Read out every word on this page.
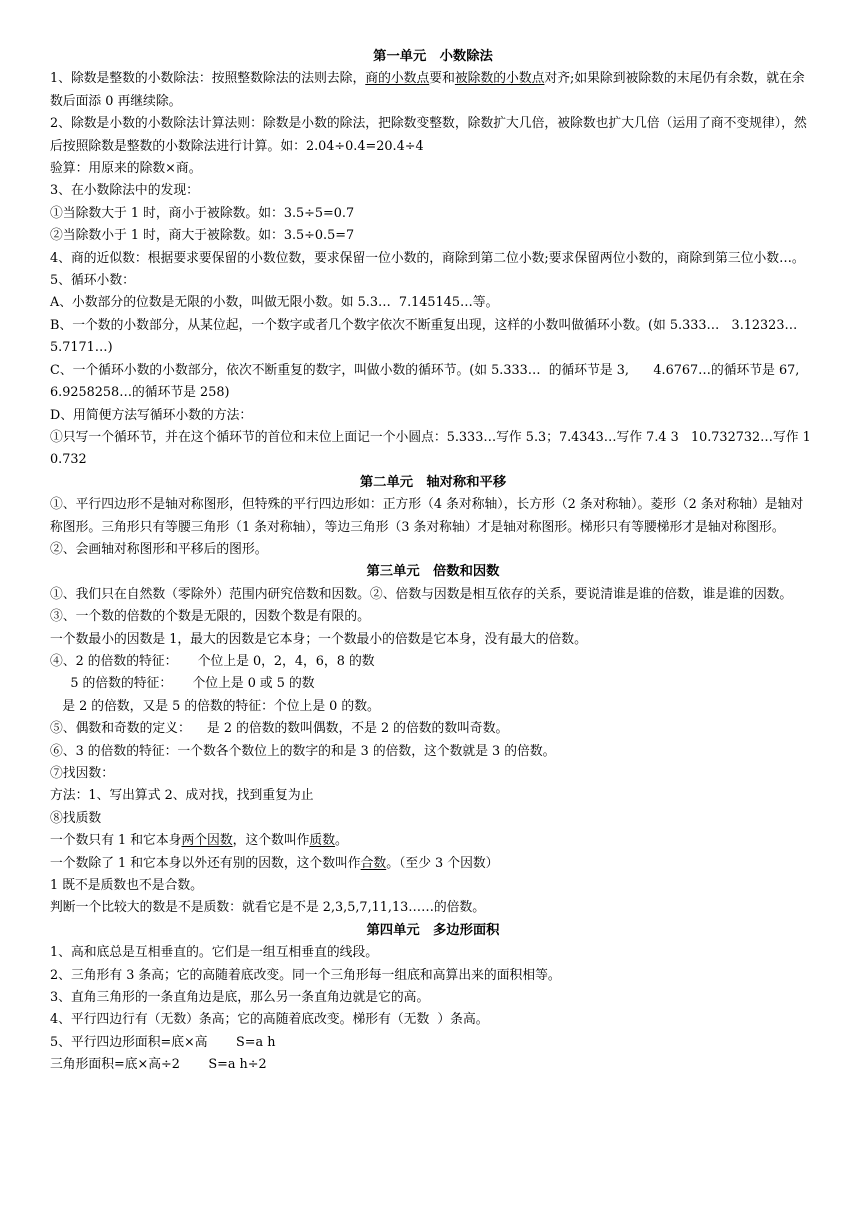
第一单元　小数除法
1、除数是整数的小数除法：按照整数除法的法则去除，商的小数点要和被除数的小数点对齐;如果除到被除数的末尾仍有余数，就在余数后面添 0 再继续除。
2、除数是小数的小数除法计算法则：除数是小数的除法，把除数变整数，除数扩大几倍，被除数也扩大几倍（运用了商不变规律），然后按照除数是整数的小数除法进行计算。如：2.04÷0.4=20.4÷4
验算：用原来的除数×商。
3、在小数除法中的发现：
①当除数大于 1 时，商小于被除数。如：3.5÷5=0.7
②当除数小于 1 时，商大于被除数。如：3.5÷0.5=7
4、商的近似数：根据要求要保留的小数位数，要求保留一位小数的，商除到第二位小数;要求保留两位小数的，商除到第三位小数…。
5、循环小数：
A、小数部分的位数是无限的小数，叫做无限小数。如 5.3…  7.145145…等。
B、一个数的小数部分，从某位起，一个数字或者几个数字依次不断重复出现，这样的小数叫做循环小数。(如 5.333…   3.12323…  5.7171…)
C、一个循环小数的小数部分，依次不断重复的数字，叫做小数的循环节。(如 5.333…  的循环节是 3,      4.6767…的循环节是 67,    6.9258258…的循环节是 258)
D、用简便方法写循环小数的方法：
①只写一个循环节，并在这个循环节的首位和末位上面记一个小圆点：5.333…写作 5.3；7.4343…写作 7.4 3   10.732732…写作 10.732
第二单元　轴对称和平移
①、平行四边形不是轴对称图形，但特殊的平行四边形如：正方形（4 条对称轴），长方形（2 条对称轴）。菱形（2 条对称轴）是轴对称图形。三角形只有等腰三角形（1 条对称轴），等边三角形（3 条对称轴）才是轴对称图形。梯形只有等腰梯形才是轴对称图形。
②、会画轴对称图形和平移后的图形。
第三单元　倍数和因数
①、我们只在自然数（零除外）范围内研究倍数和因数。②、倍数与因数是相互依存的关系，要说清谁是谁的倍数，谁是谁的因数。
③、一个数的倍数的个数是无限的，因数个数是有限的。
一个数最小的因数是 1，最大的因数是它本身；一个数最小的倍数是它本身，没有最大的倍数。
④、2 的倍数的特征：     个位上是 0，2，4，6，8 的数
5 的倍数的特征：     个位上是 0 或 5 的数
是 2 的倍数，又是 5 的倍数的特征：个位上是 0 的数。
⑤、偶数和奇数的定义：    是 2 的倍数的数叫偶数，不是 2 的倍数的数叫奇数。
⑥、3 的倍数的特征：一个数各个数位上的数字的和是 3 的倍数，这个数就是 3 的倍数。
⑦找因数：
方法：1、写出算式 2、成对找，找到重复为止
⑧找质数
一个数只有 1 和它本身两个因数，这个数叫作质数。
一个数除了 1 和它本身以外还有别的因数，这个数叫作合数。（至少 3 个因数）
1 既不是质数也不是合数。
判断一个比较大的数是不是质数：就看它是不是 2,3,5,7,11,13……的倍数。
第四单元　多边形面积
1、高和底总是互相垂直的。它们是一组互相垂直的线段。
2、三角形有 3 条高；它的高随着底改变。同一个三角形每一组底和高算出来的面积相等。
3、直角三角形的一条直角边是底，那么另一条直角边就是它的高。
4、平行四边行有（无数）条高；它的高随着底改变。梯形有（无数  ）条高。
5、平行四边形面积=底×高       S=a h
三角形面积=底×高÷2       S=a h÷2
